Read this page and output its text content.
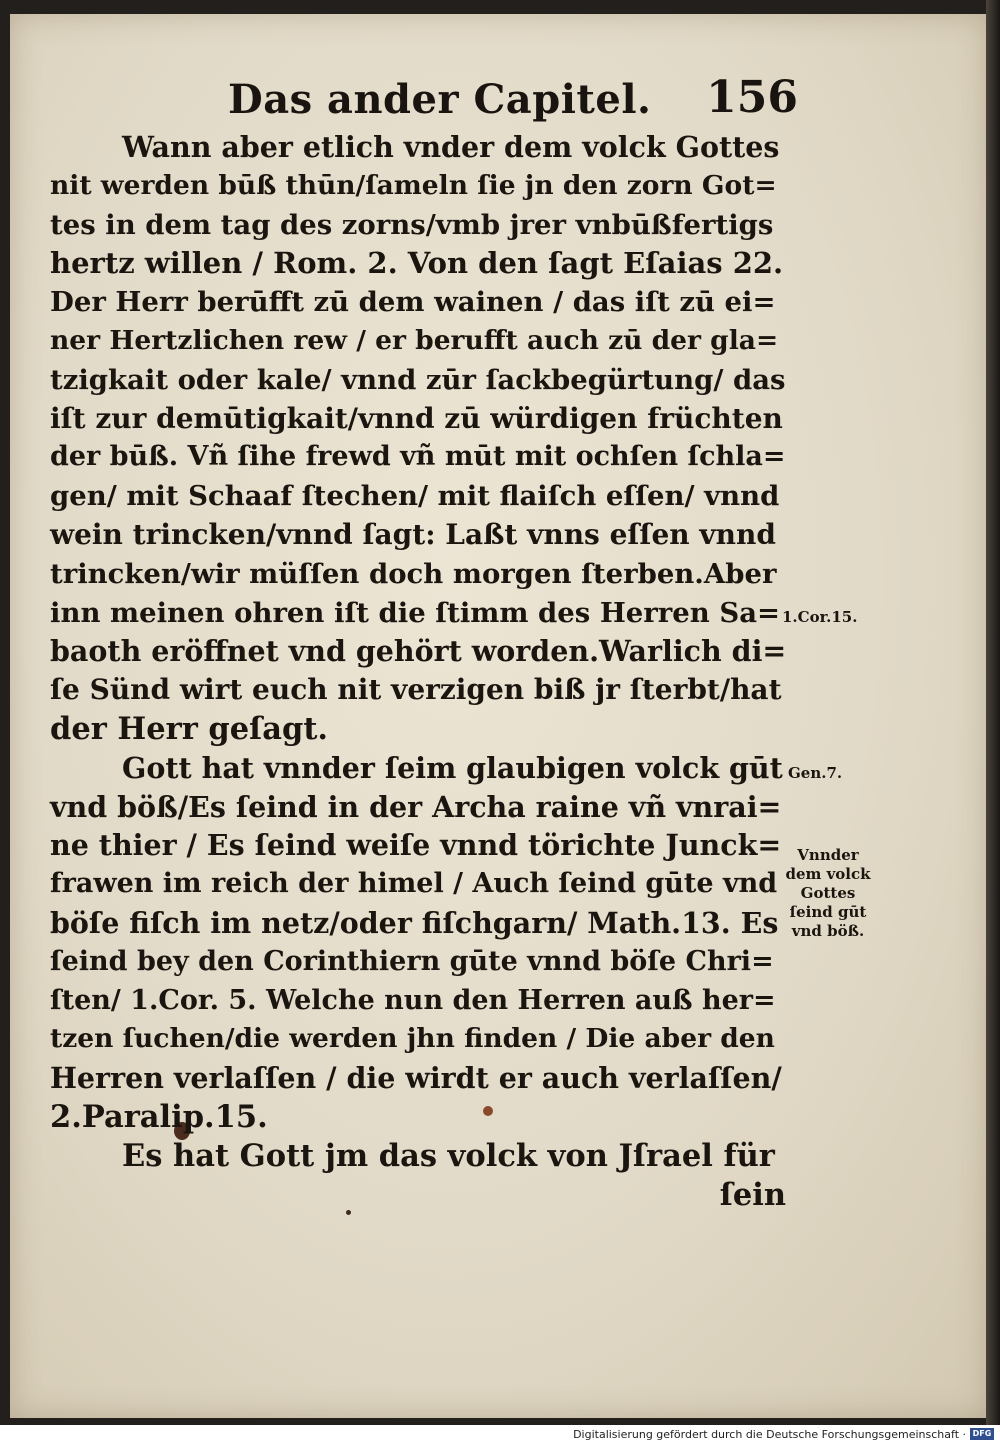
Das ander Capitel. 156
Wann aber etlich vnder dem volck Gottes
nit werden būß thūn/ſameln ſie jn den zorn Got=
tes in dem tag des zorns/vmb jrer vnbūßfertigs
hertz willen / Rom. 2. Von den ſagt Eſaias 22.
Der Herr berūfft zū dem wainen / das iſt zū ei=
ner Hertzlichen rew / er berufft auch zū der gla=
tzigkait oder kale/ vnnd zūr ſackbegürtung/ das
iſt zur demūtigkait/vnnd zū würdigen früchten
der būß. Vñ ſihe frewd vñ mūt mit ochſen ſchla=
gen/ mit Schaaf ſtechen/ mit flaiſch eſſen/ vnnd
wein trincken/vnnd ſagt: Laßt vnns eſſen vnnd
trincken/wir müſſen doch morgen ſterben.Aber
inn meinen ohren iſt die ſtimm des Herren Sa=
baoth eröffnet vnd gehört worden.Warlich di=
ſe Sünd wirt euch nit verzigen biß jr ſterbt/hat
der Herr geſagt.
Gott hat vnnder ſeim glaubigen volck gūt
vnd böß/Es ſeind in der Archa raine vñ vnrai=
ne thier / Es ſeind weiſe vnnd törichte Junck=
frawen im reich der himel / Auch ſeind gūte vnd
böſe fiſch im netz/oder fiſchgarn/ Math.13. Es
ſeind bey den Corinthiern gūte vnnd böſe Chri=
ſten/ 1.Cor. 5. Welche nun den Herren auß her=
tzen ſuchen/die werden jhn finden / Die aber den
Herren verlaſſen / die wirdt er auch verlaſſen/
2.Paralip.15.
Es hat Gott jm das volck von Jſrael für
ſein
1.Cor.15.
Gen.7.
Vnnder
dem volck
Gottes
ſeind gūt
vnd böß.
Digitalisierung gefördert durch die Deutsche Forschungsgemeinschaft · DFG
